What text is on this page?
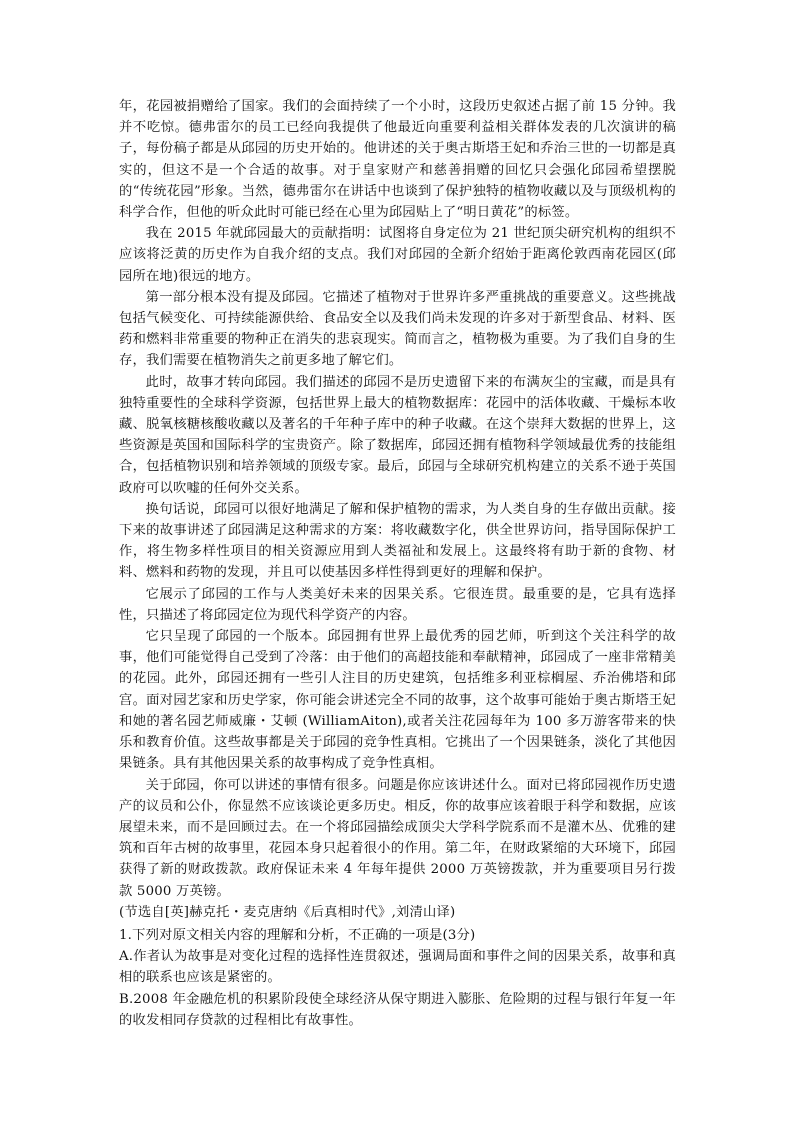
年，花园被捐赠给了国家。我们的会面持续了一个小时，这段历史叙述占据了前 15 分钟。我并不吃惊。德弗雷尔的员工已经向我提供了他最近向重要利益相关群体发表的几次演讲的稿子，每份稿子都是从邱园的历史开始的。他讲述的关于奥古斯塔王妃和乔治三世的一切都是真实的，但这不是一个合适的故事。对于皇家财产和慈善捐赠的回忆只会强化邱园希望摆脱的“传统花园”形象。当然，德弗雷尔在讲话中也谈到了保护独特的植物收藏以及与顶级机构的科学合作，但他的听众此时可能已经在心里为邱园贴上了“明日黄花”的标签。

我在 2015 年就邱园最大的贡献指明：试图将自身定位为 21 世纪顶尖研究机构的组织不应该将泛黄的历史作为自我介绍的支点。我们对邱园的全新介绍始于距离伦敦西南花园区(邱园所在地)很远的地方。

第一部分根本没有提及邱园。它描述了植物对于世界许多严重挑战的重要意义。这些挑战包括气候变化、可持续能源供给、食品安全以及我们尚未发现的许多对于新型食品、材料、医药和燃料非常重要的物种正在消失的悲哀现实。简而言之，植物极为重要。为了我们自身的生存，我们需要在植物消失之前更多地了解它们。

此时，故事才转向邱园。我们描述的邱园不是历史遗留下来的布满灰尘的宝藏，而是具有独特重要性的全球科学资源，包括世界上最大的植物数据库：花园中的活体收藏、干燥标本收藏、脱氧核糖核酸收藏以及著名的千年种子库中的种子收藏。在这个崇拜大数据的世界上，这些资源是英国和国际科学的宝贵资产。除了数据库，邱园还拥有植物科学领域最优秀的技能组合，包括植物识别和培养领域的顶级专家。最后，邱园与全球研究机构建立的关系不逊于英国政府可以吹嘘的任何外交关系。

换句话说，邱园可以很好地满足了解和保护植物的需求，为人类自身的生存做出贡献。接下来的故事讲述了邱园满足这种需求的方案：将收藏数字化，供全世界访问，指导国际保护工作，将生物多样性项目的相关资源应用到人类福祉和发展上。这最终将有助于新的食物、材料、燃料和药物的发现，并且可以使基因多样性得到更好的理解和保护。

它展示了邱园的工作与人类美好未来的因果关系。它很连贯。最重要的是，它具有选择性，只描述了将邱园定位为现代科学资产的内容。

它只呈现了邱园的一个版本。邱园拥有世界上最优秀的园艺师，听到这个关注科学的故事，他们可能觉得自己受到了冷落：由于他们的高超技能和奉献精神，邱园成了一座非常精美的花园。此外，邱园还拥有一些引人注目的历史建筑，包括维多利亚棕榈屋、乔治佛塔和邱宫。面对园艺家和历史学家，你可能会讲述完全不同的故事，这个故事可能始于奥古斯塔王妃和她的著名园艺师威廉・艾顿 (WilliamAiton),或者关注花园每年为 100 多万游客带来的快乐和教育价值。这些故事都是关于邱园的竞争性真相。它挑出了一个因果链条，淡化了其他因果链条。具有其他因果关系的故事构成了竞争性真相。

关于邱园，你可以讲述的事情有很多。问题是你应该讲述什么。面对已将邱园视作历史遗产的议员和公仆，你显然不应该谈论更多历史。相反，你的故事应该着眼于科学和数据，应该展望未来，而不是回顾过去。在一个将邱园描绘成顶尖大学科学院系而不是灌木丛、优雅的建筑和百年古树的故事里，花园本身只起着很小的作用。第二年，在财政紧缩的大环境下，邱园获得了新的财政拨款。政府保证未来 4 年每年提供 2000 万英镑拨款，并为重要项目另行拨款 5000 万英镑。

(节选自[英]赫克托・麦克唐纳《后真相时代》,刘清山译)

1.下列对原文相关内容的理解和分析，不正确的一项是(3分)

A.作者认为故事是对变化过程的选择性连贯叙述，强调局面和事件之间的因果关系，故事和真相的联系也应该是紧密的。

B.2008 年金融危机的积累阶段使全球经济从保守期进入膨胀、危险期的过程与银行年复一年的收发相同存贷款的过程相比有故事性。
